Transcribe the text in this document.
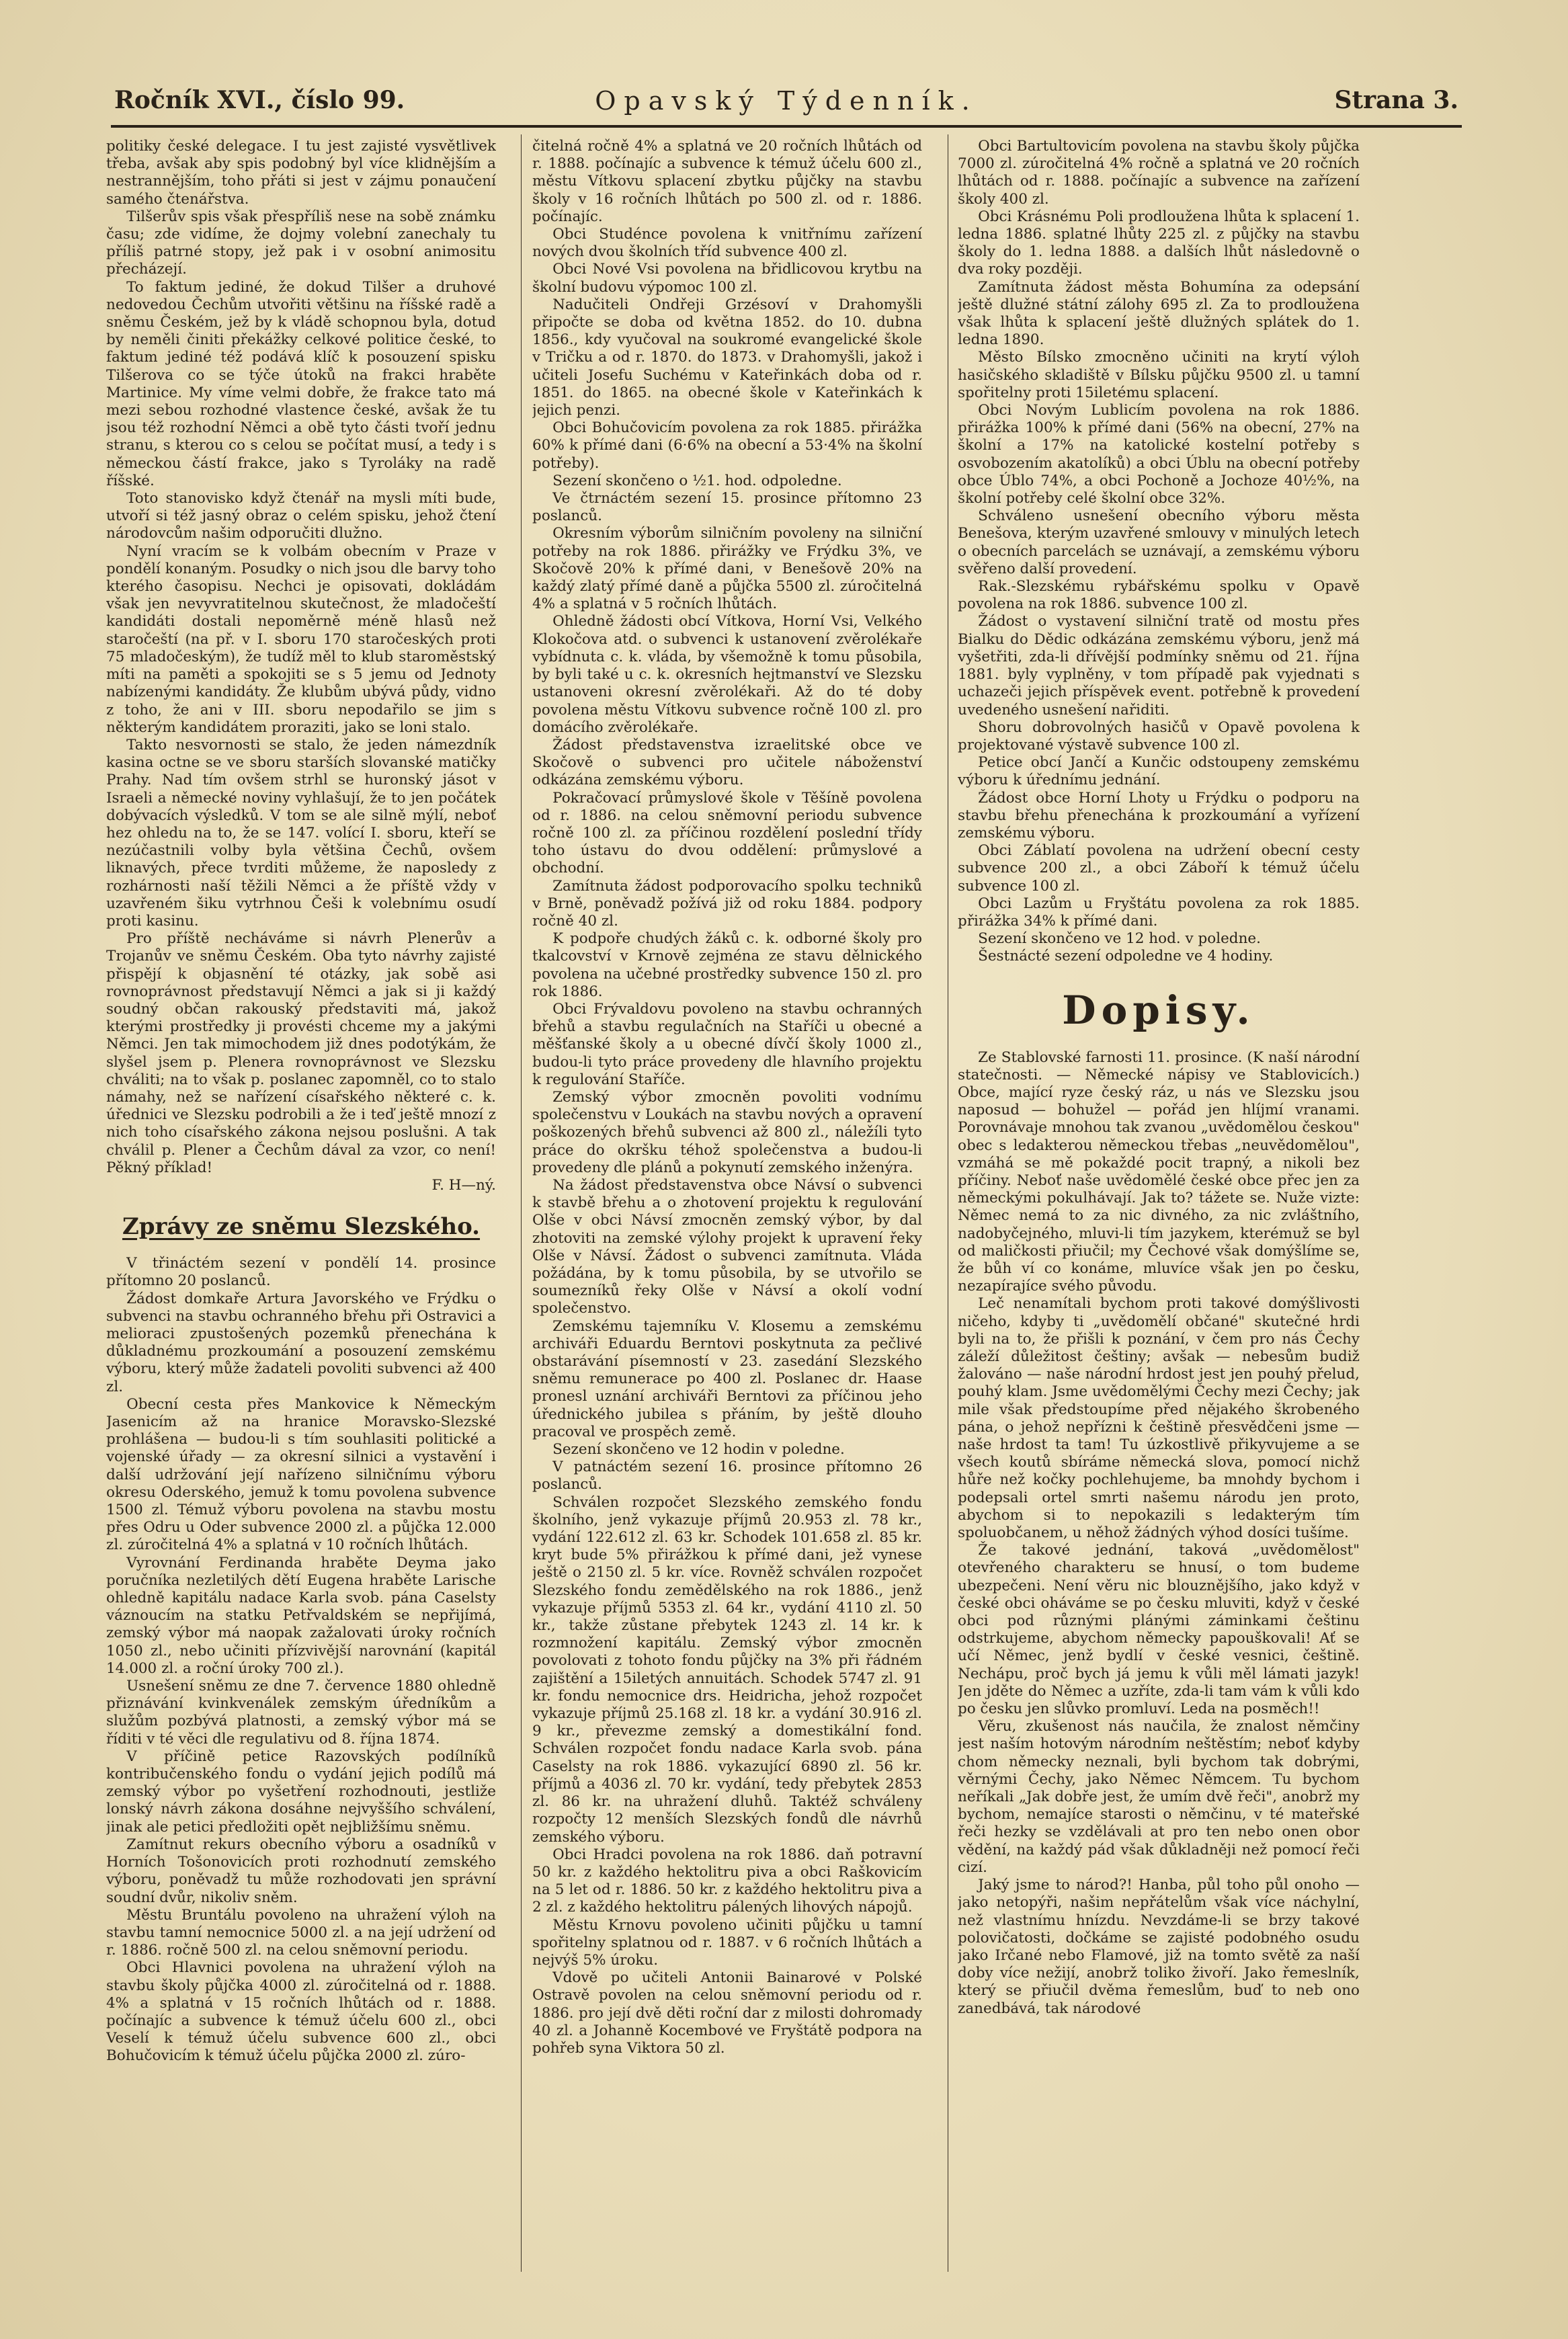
Ročník XVI., číslo 99.	Opavský Týdenník.	Strana 3.

politiky české delegace. I tu jest zajisté vysvětlivek třeba, avšak aby spis podobný byl více klidnějším a nestrannějším, toho přáti si jest v zájmu ponaučení samého čtenářstva.

Tilšerův spis však přespříliš nese na sobě známku času; zde vidíme, že dojmy volební zanechaly tu příliš patrné stopy, jež pak i v osobní animositu přecházejí.

To faktum jediné, že dokud Tilšer a druhové nedovedou Čechům utvořiti většinu na říšské radě a sněmu Českém, jež by k vládě schopnou byla, dotud by neměli činiti překážky celkové politice české, to faktum jediné též podává klíč k posouzení spisku Tilšerova co se týče útoků na frakci hraběte Martinice. My víme velmi dobře, že frakce tato má mezi sebou rozhodné vlastence české, avšak že tu jsou též rozhodní Němci a obě tyto části tvoří jednu stranu, s kterou co s celou se počítat musí, a tedy i s německou částí frakce, jako s Tyroláky na radě říšské.

Toto stanovisko když čtenář na mysli míti bude, utvoří si též jasný obraz o celém spisku, jehož čtení národovcům našim odporučiti dlužno.

Nyní vracím se k volbám obecním v Praze v pondělí konaným. Posudky o nich jsou dle barvy toho kterého časopisu. Nechci je opisovati, dokládám však jen nevyvratitelnou skutečnost, že mladočeští kandidáti dostali nepoměrně méně hlasů než staročeští (na př. v I. sboru 170 staročeských proti 75 mladočeským), že tudíž měl to klub staroměstský míti na paměti a spokojiti se s 5 jemu od Jednoty nabízenými kandidáty. Že klubům ubývá půdy, vidno z toho, že ani v III. sboru nepodařilo se jim s některým kandidátem proraziti, jako se loni stalo.

Takto nesvornosti se stalo, že jeden námezdník kasina octne se ve sboru starších slovanské matičky Prahy. Nad tím ovšem strhl se huronský jásot v Israeli a německé noviny vyhlašují, že to jen počátek dobývacích výsledků. V tom se ale silně mýlí, neboť hez ohledu na to, že se 147. volící I. sboru, kteří se nezúčastnili volby byla většina Čechů, ovšem liknavých, přece tvrditi můžeme, že naposledy z rozhárnosti naší těžili Němci a že příště vždy v uzavřeném šiku vytrhnou Češi k volebnímu osudí proti kasinu.

Pro příště necháváme si návrh Plenerův a Trojanův ve sněmu Českém. Oba tyto návrhy zajisté přispějí k objasnění té otázky, jak sobě asi rovnoprávnost představují Němci a jak si ji každý soudný občan rakouský představiti má, jakož kterými prostředky ji provésti chceme my a jakými Němci. Jen tak mimochodem již dnes podotýkám, že slyšel jsem p. Plenera rovnoprávnost ve Slezsku chváliti; na to však p. poslanec zapomněl, co to stalo námahy, než se nařízení císařského některé c. k. úřednici ve Slezsku podrobili a že i teď ještě mnozí z nich toho císařského zákona nejsou poslušni. A tak chválil p. Plener a Čechům dával za vzor, co není! Pěkný příklad!

F. H—ný.

Zprávy ze sněmu Slezského.

V třináctém sezení v pondělí 14. prosince přítomno 20 poslanců.

Žádost domkaře Artura Javorského ve Frýdku o subvenci na stavbu ochranného břehu při Ostravici a melioraci zpustošených pozemků přenechána k důkladnému prozkoumání a posouzení zemskému výboru, který může žadateli povoliti subvenci až 400 zl.

Obecní cesta přes Mankovice k Německým Jasenicím až na hranice Moravsko-Slezské prohlášena — budou-li s tím souhlasiti politické a vojenské úřady — za okresní silnici a vystavění i další udržování její nařízeno silničnímu výboru okresu Oderského, jemuž k tomu povolena subvence 1500 zl. Témuž výboru povolena na stavbu mostu přes Odru u Oder subvence 2000 zl. a půjčka 12.000 zl. zúročitelná 4% a splatná v 10 ročních lhůtách.

Vyrovnání Ferdinanda hraběte Deyma jako poručníka nezletilých dětí Eugena hraběte Larische ohledně kapitálu nadace Karla svob. pána Caselsty váznoucím na statku Petřvaldském se nepřijímá, zemský výbor má naopak zažalovati úroky ročních 1050 zl., nebo učiniti přízvivější narovnání (kapitál 14.000 zl. a roční úroky 700 zl.).

Usnešení sněmu ze dne 7. července 1880 ohledně přiznávání kvinkvenálek zemským úředníkům a služům pozbývá platnosti, a zemský výbor má se říditi v té věci dle regulativu od 8. října 1874.

V příčině petice Razovských podílníků kontribučenského fondu o vydání jejich podílů má zemský výbor po vyšetření rozhodnouti, jestliže lonský návrh zákona dosáhne nejvyššího schválení, jinak ale petici předložiti opět nejbližšímu sněmu.

Zamítnut rekurs obecního výboru a osadníků v Horních Tošonovicích proti rozhodnutí zemského výboru, poněvadž tu může rozhodovati jen správní soudní dvůr, nikoliv sněm.

Městu Bruntálu povoleno na uhražení výloh na stavbu tamní nemocnice 5000 zl. a na její udržení od r. 1886. ročně 500 zl. na celou sněmovní periodu.

Obci Hlavnici povolena na uhražení výloh na stavbu školy půjčka 4000 zl. zúročitelná od r. 1888. 4% a splatná v 15 ročních lhůtách od r. 1888. počínajíc a subvence k témuž účelu 600 zl., obci Veselí k témuž účelu subvence 600 zl., obci Bohučovicím k témuž účelu půjčka 2000 zl. zúro-

čitelná ročně 4% a splatná ve 20 ročních lhůtách od r. 1888. počínajíc a subvence k témuž účelu 600 zl., městu Vítkovu splacení zbytku půjčky na stavbu školy v 16 ročních lhůtách po 500 zl. od r. 1886. počínajíc.

Obci Studénce povolena k vnitřnímu zařízení nových dvou školních tříd subvence 400 zl.

Obci Nové Vsi povolena na břidlicovou krytbu na školní budovu výpomoc 100 zl.

Nadučiteli Ondřeji Grzésoví v Drahomyšli připočte se doba od května 1852. do 10. dubna 1856., kdy vyučoval na soukromé evangelické škole v Tričku a od r. 1870. do 1873. v Drahomyšli, jakož i učiteli Josefu Suchému v Kateřinkách doba od r. 1851. do 1865. na obecné škole v Kateřinkách k jejich penzi.

Obci Bohučovicím povolena za rok 1885. přirážka 60% k přímé dani (6·6% na obecní a 53·4% na školní potřeby).

Sezení skončeno o ½1. hod. odpoledne.

Ve čtrnáctém sezení 15. prosince přítomno 23 poslanců.

Okresním výborům silničním povoleny na silniční potřeby na rok 1886. přirážky ve Frýdku 3%, ve Skočově 20% k přímé dani, v Benešově 20% na každý zlatý přímé daně a půjčka 5500 zl. zúročitelná 4% a splatná v 5 ročních lhůtách.

Ohledně žádosti obcí Vítkova, Horní Vsi, Velkého Klokočova atd. o subvenci k ustanovení zvěrolékaře vybídnuta c. k. vláda, by všemožně k tomu působila, by byli také u c. k. okresních hejtmanství ve Slezsku ustanoveni okresní zvěrolékaři. Až do té doby povolena městu Vítkovu subvence ročně 100 zl. pro domácího zvěrolékaře.

Žádost představenstva izraelitské obce ve Skočově o subvenci pro učitele náboženství odkázána zemskému výboru.

Pokračovací průmyslové škole v Těšíně povolena od r. 1886. na celou sněmovní periodu subvence ročně 100 zl. za příčinou rozdělení poslední třídy toho ústavu do dvou oddělení: průmyslové a obchodní.

Zamítnuta žádost podporovacího spolku techniků v Brně, poněvadž požívá již od roku 1884. podpory ročně 40 zl.

K podpoře chudých žáků c. k. odborné školy pro tkalcovství v Krnově zejména ze stavu dělnického povolena na učebné prostředky subvence 150 zl. pro rok 1886.

Obci Frývaldovu povoleno na stavbu ochranných břehů a stavbu regulačních na Staříči u obecné a měšťanské školy a u obecné dívčí školy 1000 zl., budou-li tyto práce provedeny dle hlavního projektu k regulování Staříče.

Zemský výbor zmocněn povoliti vodnímu společenstvu v Loukách na stavbu nových a opravení poškozených břehů subvenci až 800 zl., náležíli tyto práce do okršku téhož společenstva a budou-li provedeny dle plánů a pokynutí zemského inženýra.

Na žádost představenstva obce Návsí o subvenci k stavbě břehu a o zhotovení projektu k regulování Olše v obci Návsí zmocněn zemský výbor, by dal zhotoviti na zemské výlohy projekt k upravení řeky Olše v Návsí. Žádost o subvenci zamítnuta. Vláda požádána, by k tomu působila, by se utvořilo se soumezníků řeky Olše v Návsí a okolí vodní společenstvo.

Zemskému tajemníku V. Klosemu a zemskému archiváři Eduardu Berntovi poskytnuta za pečlivé obstarávání písemností v 23. zasedání Slezského sněmu remunerace po 400 zl. Poslanec dr. Haase pronesl uznání archiváři Berntovi za příčinou jeho úřednického jubilea s přáním, by ještě dlouho pracoval ve prospěch země.

Sezení skončeno ve 12 hodin v poledne.

V patnáctém sezení 16. prosince přítomno 26 poslanců.

Schválen rozpočet Slezského zemského fondu školního, jenž vykazuje příjmů 20.953 zl. 78 kr., vydání 122.612 zl. 63 kr. Schodek 101.658 zl. 85 kr. kryt bude 5% přirážkou k přímé dani, jež vynese ještě o 2150 zl. 5 kr. více. Rovněž schválen rozpočet Slezského fondu zemědělského na rok 1886., jenž vykazuje příjmů 5353 zl. 64 kr., vydání 4110 zl. 50 kr., takže zůstane přebytek 1243 zl. 14 kr. k rozmnožení kapitálu. Zemský výbor zmocněn povolovati z tohoto fondu půjčky na 3% při řádném zajištění a 15iletých annuitách. Schodek 5747 zl. 91 kr. fondu nemocnice drs. Heidricha, jehož rozpočet vykazuje příjmů 25.168 zl. 18 kr. a vydání 30.916 zl. 9 kr., převezme zemský a domestikální fond. Schválen rozpočet fondu nadace Karla svob. pána Caselsty na rok 1886. vykazující 6890 zl. 56 kr. příjmů a 4036 zl. 70 kr. vydání, tedy přebytek 2853 zl. 86 kr. na uhražení dluhů. Taktéž schváleny rozpočty 12 menších Slezských fondů dle návrhů zemského výboru.

Obci Hradci povolena na rok 1886. daň potravní 50 kr. z každého hektolitru piva a obci Raškovicím na 5 let od r. 1886. 50 kr. z každého hektolitru piva a 2 zl. z každého hektolitru pálených lihových nápojů.

Městu Krnovu povoleno učiniti půjčku u tamní spořitelny splatnou od r. 1887. v 6 ročních lhůtách a nejvýš 5% úroku.

Vdově po učiteli Antonii Bainarové v Polské Ostravě povolen na celou sněmovní periodu od r. 1886. pro její dvě děti roční dar z milosti dohromady 40 zl. a Johanně Kocembové ve Fryštátě podpora na pohřeb syna Viktora 50 zl.

Obci Bartultovicím povolena na stavbu školy půjčka 7000 zl. zúročitelná 4% ročně a splatná ve 20 ročních lhůtách od r. 1888. počínajíc a subvence na zařízení školy 400 zl.

Obci Krásnému Poli prodloužena lhůta k splacení 1. ledna 1886. splatné lhůty 225 zl. z půjčky na stavbu školy do 1. ledna 1888. a dalších lhůt následovně o dva roky později.

Zamítnuta žádost města Bohumína za odepsání ještě dlužné státní zálohy 695 zl. Za to prodloužena však lhůta k splacení ještě dlužných splátek do 1. ledna 1890.

Město Bílsko zmocněno učiniti na krytí výloh hasičského skladiště v Bílsku půjčku 9500 zl. u tamní spořitelny proti 15iletému splacení.

Obci Novým Lublicím povolena na rok 1886. přirážka 100% k přímé dani (56% na obecní, 27% na školní a 17% na katolické kostelní potřeby s osvobozením akatolíků) a obci Úblu na obecní potřeby obce Úblo 74%, a obci Pochoně a Jochoze 40½%, na školní potřeby celé školní obce 32%.

Schváleno usnešení obecního výboru města Benešova, kterým uzavřené smlouvy v minulých letech o obecních parcelách se uznávají, a zemskému výboru svěřeno další provedení.

Rak.-Slezskému rybářskému spolku v Opavě povolena na rok 1886. subvence 100 zl.

Žádost o vystavení silniční tratě od mostu přes Bialku do Dědic odkázána zemskému výboru, jenž má vyšetřiti, zda-li dřívější podmínky sněmu od 21. října 1881. byly vyplněny, v tom případě pak vyjednati s uchazeči jejich příspěvek event. potřebně k provedení uvedeného usnešení nařiditi.

Shoru dobrovolných hasičů v Opavě povolena k projektované výstavě subvence 100 zl.

Petice obcí Jančí a Kunčic odstoupeny zemskému výboru k úřednímu jednání.

Žádost obce Horní Lhoty u Frýdku o podporu na stavbu břehu přenechána k prozkoumání a vyřízení zemskému výboru.

Obci Záblatí povolena na udržení obecní cesty subvence 200 zl., a obci Záboří k témuž účelu subvence 100 zl.

Obci Lazům u Fryštátu povolena za rok 1885. přirážka 34% k přímé dani.

Sezení skončeno ve 12 hod. v poledne.

Šestnácté sezení odpoledne ve 4 hodiny.

Dopisy.

Ze Stablovské farnosti 11. prosince. (K naší národní statečnosti. — Německé nápisy ve Stablovicích.) Obce, mající ryze český ráz, u nás ve Slezsku jsou naposud — bohužel — pořád jen hlíjmí vranami. Porovnávaje mnohou tak zvanou „uvědomělou českou" obec s ledakterou německou třebas „neuvědomělou", vzmáhá se mě pokaždé pocit trapný, a nikoli bez příčiny. Neboť naše uvědomělé české obce přec jen za německými pokulhávají. Jak to? tážete se. Nuže vizte: Němec nemá to za nic divného, za nic zvláštního, nadobyčejného, mluvi-li tím jazykem, kterémuž se byl od maličkosti přiučil; my Čechové však domýšlíme se, že bůh ví co konáme, mluvíce však jen po česku, nezapírajíce svého původu.

Leč nenamítali bychom proti takové domýšlivosti ničeho, kdyby ti „uvědomělí občané" skutečné hrdi byli na to, že přišli k poznání, v čem pro nás Čechy záleží důležitost češtiny; avšak — nebesům budiž žalováno — naše národní hrdost jest jen pouhý přelud, pouhý klam. Jsme uvědomělými Čechy mezi Čechy; jak mile však předstoupíme před nějakého škrobeného pána, o jehož nepřízni k češtině přesvědčeni jsme — naše hrdost ta tam! Tu úzkostlivě přikyvujeme a se všech koutů sbíráme německá slova, pomocí nichž hůře než kočky pochlehujeme, ba mnohdy bychom i podepsali ortel smrti našemu národu jen proto, abychom si to nepokazili s ledakterým tím spoluobčanem, u něhož žádných výhod dosíci tušíme.

Že takové jednání, taková „uvědomělost" otevřeného charakteru se hnusí, o tom budeme ubezpečeni. Není věru nic blouznějšího, jako když v české obci oháváme se po česku mluviti, když v české obci pod různými plánými záminkami češtinu odstrkujeme, abychom německy papouškovali! Ať se učí Němec, jenž bydlí v české vesnici, češtině. Nechápu, proč bych já jemu k vůli měl lámati jazyk! Jen jděte do Němec a uzříte, zda-li tam vám k vůli kdo po česku jen slůvko promluví. Leda na posměch!!

Věru, zkušenost nás naučila, že znalost němčiny jest naším hotovým národním neštěstím; neboť kdyby chom německy neznali, byli bychom tak dobrými, věrnými Čechy, jako Němec Němcem. Tu bychom neříkali „Jak dobře jest, že umím dvě řeči", anobrž my bychom, nemajíce starosti o němčinu, v té mateřské řeči hezky se vzdělávali at pro ten nebo onen obor vědění, na každý pád však důkladněji než pomocí řeči cizí.

Jaký jsme to národ?! Hanba, půl toho půl onoho — jako netopýři, našim nepřátelům však více náchylní, než vlastnímu hnízdu. Nevzdáme-li se brzy takové polovičatosti, dočkáme se zajisté podobného osudu jako Irčané nebo Flamové, již na tomto světě za naší doby více nežijí, anobrž toliko živoří. Jako řemeslník, který se přiučil dvěma řemeslům, buď to neb ono zanedbává, tak národové
